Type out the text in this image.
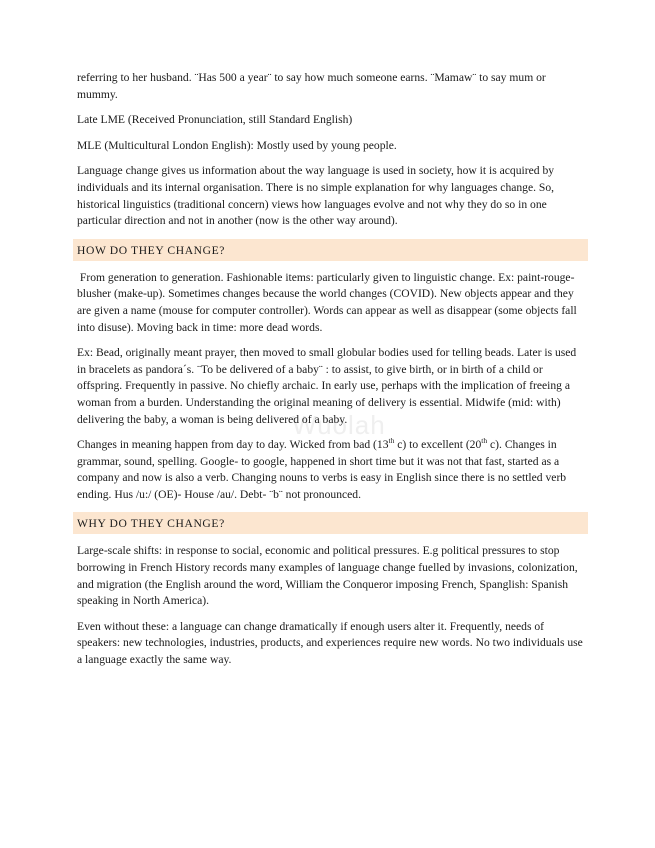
Wuolah

referring to her husband. ¨Has 500 a year¨ to say how much someone earns. ¨Mamaw¨ to say mum or mummy.

Late LME (Received Pronunciation, still Standard English)

MLE (Multicultural London English): Mostly used by young people.

Language change gives us information about the way language is used in society, how it is acquired by individuals and its internal organisation. There is no simple explanation for why languages change. So, historical linguistics (traditional concern) views how languages evolve and not why they do so in one particular direction and not in another (now is the other way around).

HOW DO THEY CHANGE?

From generation to generation. Fashionable items: particularly given to linguistic change. Ex: paint-rouge-blusher (make-up). Sometimes changes because the world changes (COVID). New objects appear and they are given a name (mouse for computer controller). Words can appear as well as disappear (some objects fall into disuse). Moving back in time: more dead words.

Ex: Bead, originally meant prayer, then moved to small globular bodies used for telling beads. Later is used in bracelets as pandora´s. ¨To be delivered of a baby¨ : to assist, to give birth, or in birth of a child or offspring. Frequently in passive. No chiefly archaic. In early use, perhaps with the implication of freeing a woman from a burden. Understanding the original meaning of delivery is essential. Midwife (mid: with) delivering the baby, a woman is being delivered of a baby.

Changes in meaning happen from day to day. Wicked from bad (13th c) to excellent (20th c). Changes in grammar, sound, spelling. Google- to google, happened in short time but it was not that fast, started as a company and now is also a verb. Changing nouns to verbs is easy in English since there is no settled verb ending. Hus /u:/ (OE)- House /au/. Debt- ¨b¨ not pronounced.

WHY DO THEY CHANGE?

Large-scale shifts: in response to social, economic and political pressures. E.g political pressures to stop borrowing in French History records many examples of language change fuelled by invasions, colonization, and migration (the English around the word, William the Conqueror imposing French, Spanglish: Spanish speaking in North America).

Even without these: a language can change dramatically if enough users alter it. Frequently, needs of speakers: new technologies, industries, products, and experiences require new words. No two individuals use a language exactly the same way.
